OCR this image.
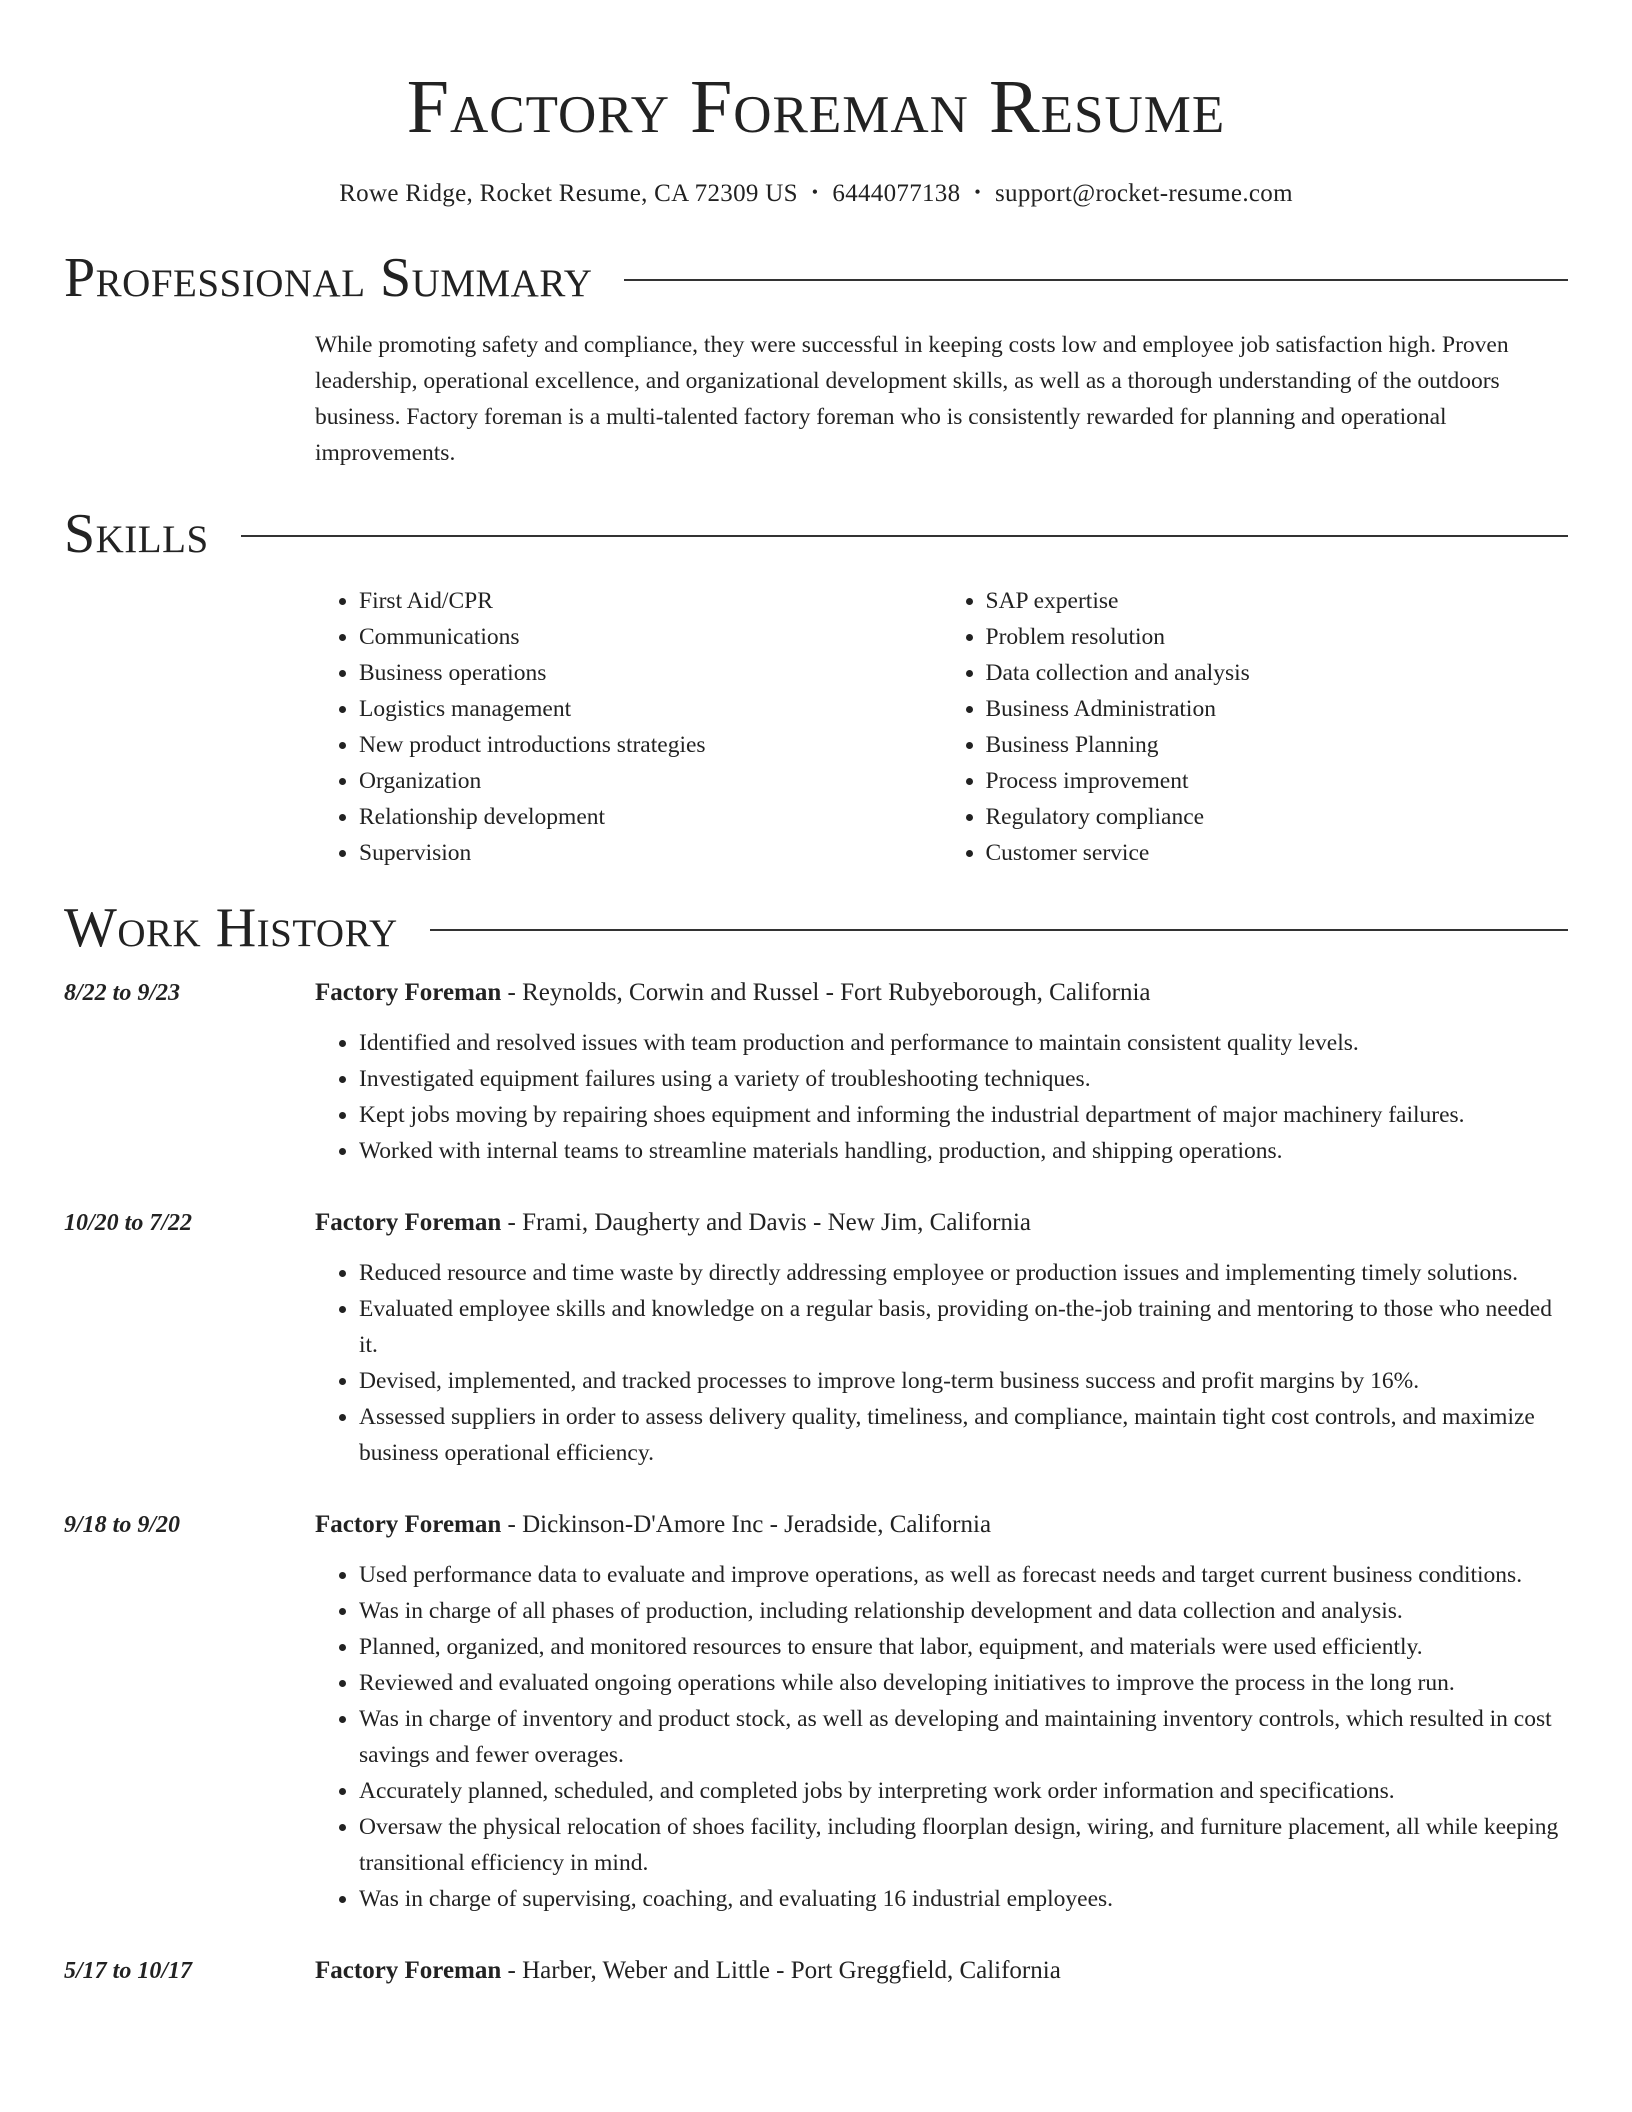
Factory Foreman Resume
Rowe Ridge, Rocket Resume, CA 72309 US • 6444077138 • support@rocket-resume.com
Professional Summary
While promoting safety and compliance, they were successful in keeping costs low and employee job satisfaction high. Proven leadership, operational excellence, and organizational development skills, as well as a thorough understanding of the outdoors business. Factory foreman is a multi-talented factory foreman who is consistently rewarded for planning and operational improvements.
Skills
• First Aid/CPR
• Communications
• Business operations
• Logistics management
• New product introductions strategies
• Organization
• Relationship development
• Supervision
• SAP expertise
• Problem resolution
• Data collection and analysis
• Business Administration
• Business Planning
• Process improvement
• Regulatory compliance
• Customer service
Work History
8/22 to 9/23	Factory Foreman - Reynolds, Corwin and Russel - Fort Rubyeborough, California
• Identified and resolved issues with team production and performance to maintain consistent quality levels.
• Investigated equipment failures using a variety of troubleshooting techniques.
• Kept jobs moving by repairing shoes equipment and informing the industrial department of major machinery failures.
• Worked with internal teams to streamline materials handling, production, and shipping operations.
10/20 to 7/22	Factory Foreman - Frami, Daugherty and Davis - New Jim, California
• Reduced resource and time waste by directly addressing employee or production issues and implementing timely solutions.
• Evaluated employee skills and knowledge on a regular basis, providing on-the-job training and mentoring to those who needed it.
• Devised, implemented, and tracked processes to improve long-term business success and profit margins by 16%.
• Assessed suppliers in order to assess delivery quality, timeliness, and compliance, maintain tight cost controls, and maximize business operational efficiency.
9/18 to 9/20	Factory Foreman - Dickinson-D'Amore Inc - Jeradside, California
• Used performance data to evaluate and improve operations, as well as forecast needs and target current business conditions.
• Was in charge of all phases of production, including relationship development and data collection and analysis.
• Planned, organized, and monitored resources to ensure that labor, equipment, and materials were used efficiently.
• Reviewed and evaluated ongoing operations while also developing initiatives to improve the process in the long run.
• Was in charge of inventory and product stock, as well as developing and maintaining inventory controls, which resulted in cost savings and fewer overages.
• Accurately planned, scheduled, and completed jobs by interpreting work order information and specifications.
• Oversaw the physical relocation of shoes facility, including floorplan design, wiring, and furniture placement, all while keeping transitional efficiency in mind.
• Was in charge of supervising, coaching, and evaluating 16 industrial employees.
5/17 to 10/17	Factory Foreman - Harber, Weber and Little - Port Greggfield, California
